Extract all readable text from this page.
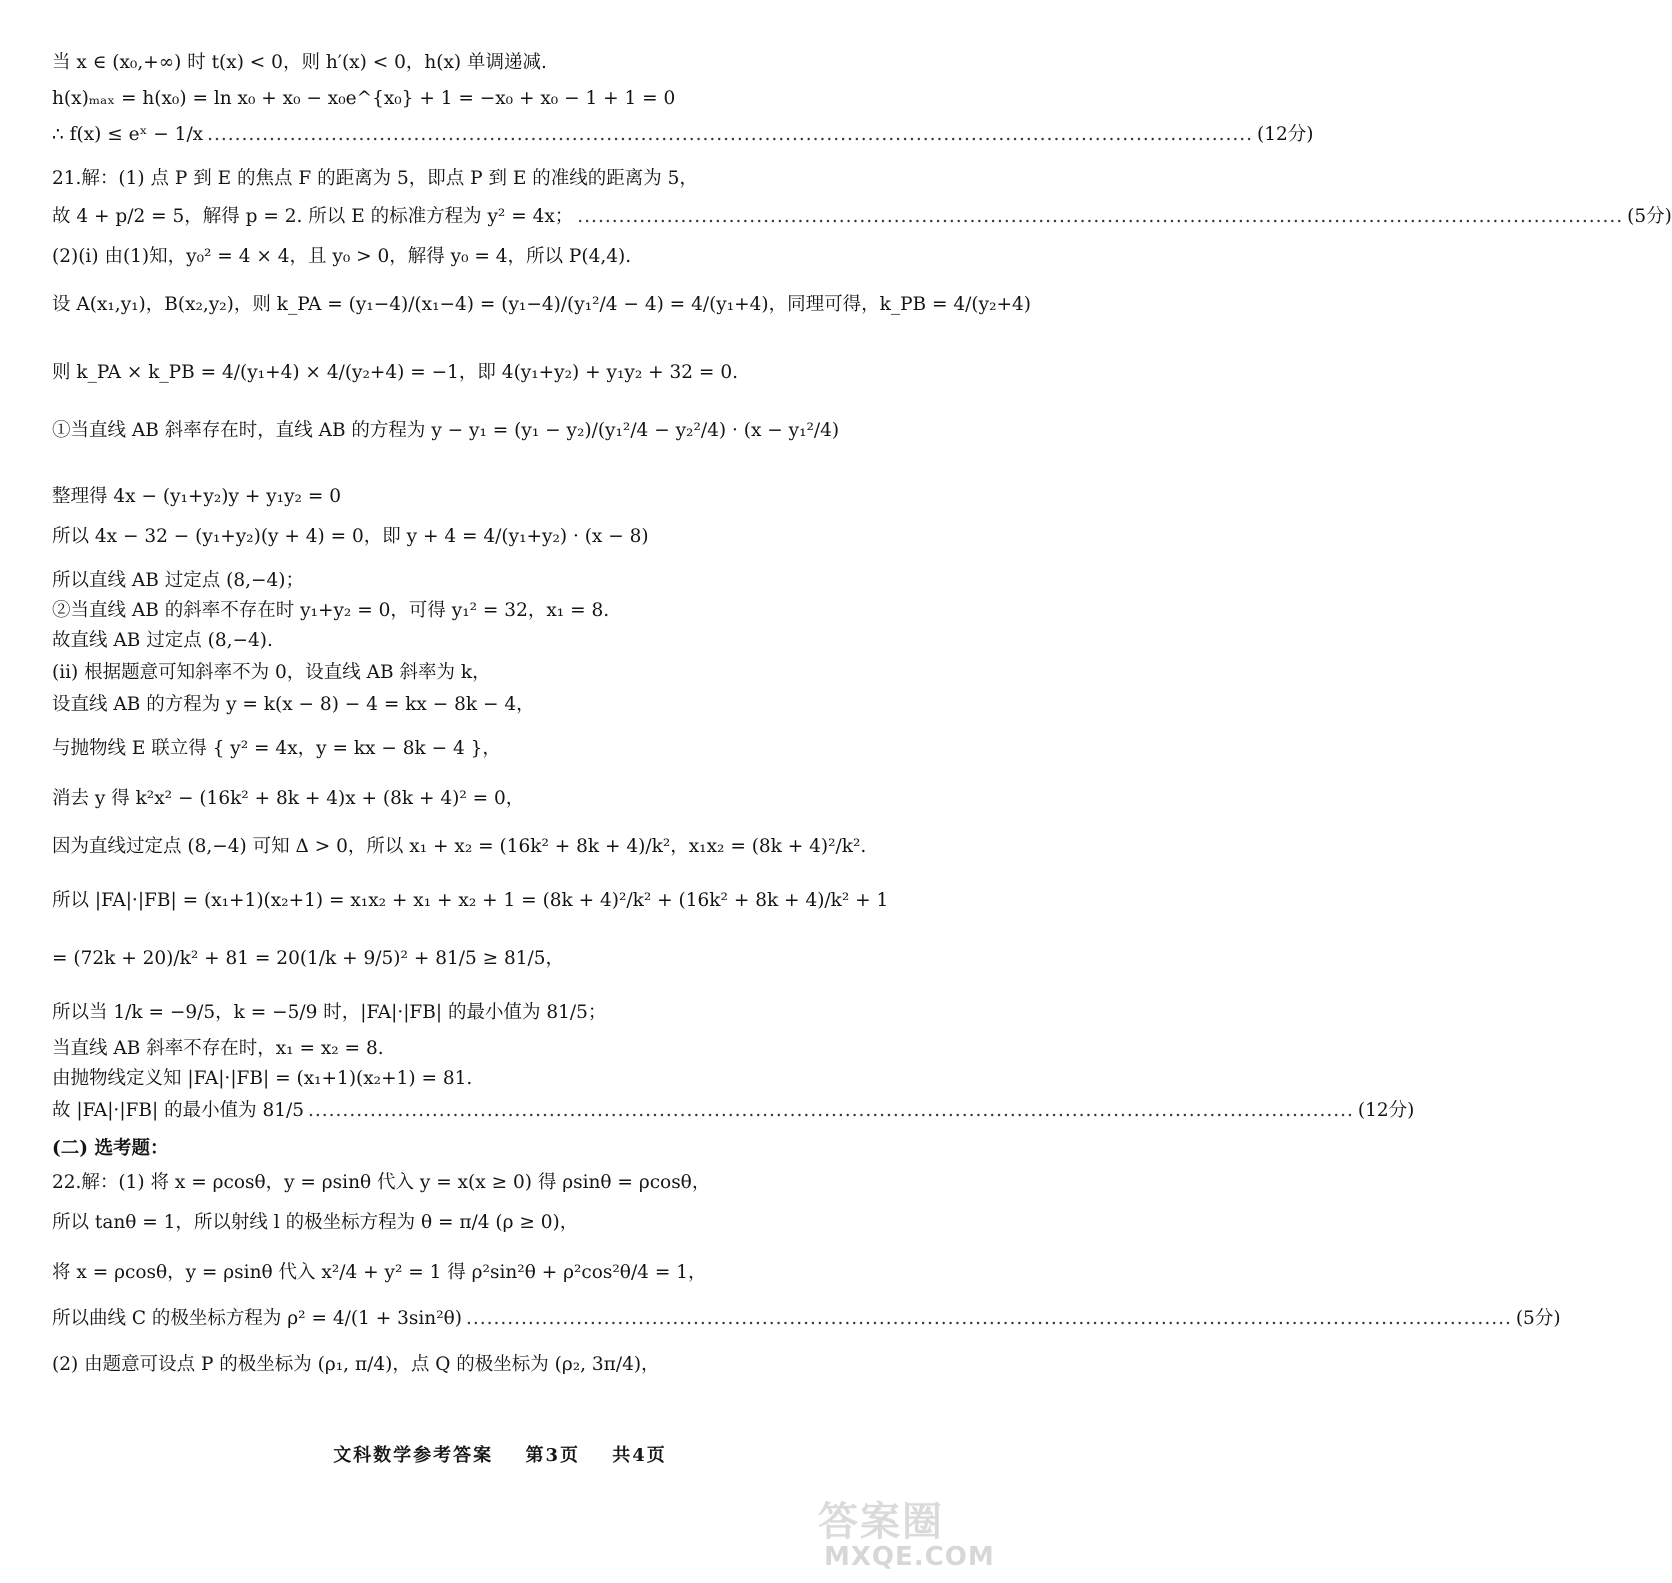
当 x ∈ (x₀,+∞) 时 t(x) < 0，则 h′(x) < 0，h(x) 单调递减.
h(x)ₘₐₓ = h(x₀) = ln x₀ + x₀ − x₀e^{x₀} + 1 = −x₀ + x₀ − 1 + 1 = 0
∴ f(x) ≤ eˣ − 1/x ........................................................................................................................................................ (12分)
21.解：(1) 点 P 到 E 的焦点 F 的距离为 5，即点 P 到 E 的准线的距离为 5，
故 4 + p/2 = 5，解得 p = 2. 所以 E 的标准方程为 y² = 4x； ........................................................................................................................................................ (5分)
(2)(i) 由(1)知，y₀² = 4 × 4，且 y₀ > 0，解得 y₀ = 4，所以 P(4,4).
设 A(x₁,y₁)，B(x₂,y₂)，则 k_PA = (y₁−4)/(x₁−4) = (y₁−4)/(y₁²/4 − 4) = 4/(y₁+4)，同理可得，k_PB = 4/(y₂+4)
则 k_PA × k_PB = 4/(y₁+4) × 4/(y₂+4) = −1，即 4(y₁+y₂) + y₁y₂ + 32 = 0.
①当直线 AB 斜率存在时，直线 AB 的方程为 y − y₁ = (y₁ − y₂)/(y₁²/4 − y₂²/4) · (x − y₁²/4)
整理得 4x − (y₁+y₂)y + y₁y₂ = 0
所以 4x − 32 − (y₁+y₂)(y + 4) = 0，即 y + 4 = 4/(y₁+y₂) · (x − 8)
所以直线 AB 过定点 (8,−4)；
②当直线 AB 的斜率不存在时 y₁+y₂ = 0，可得 y₁² = 32，x₁ = 8.
故直线 AB 过定点 (8,−4).
(ii) 根据题意可知斜率不为 0，设直线 AB 斜率为 k，
设直线 AB 的方程为 y = k(x − 8) − 4 = kx − 8k − 4，
与抛物线 E 联立得 { y² = 4x，y = kx − 8k − 4 }，
消去 y 得 k²x² − (16k² + 8k + 4)x + (8k + 4)² = 0，
因为直线过定点 (8,−4) 可知 Δ > 0，所以 x₁ + x₂ = (16k² + 8k + 4)/k²，x₁x₂ = (8k + 4)²/k².
所以 |FA|·|FB| = (x₁+1)(x₂+1) = x₁x₂ + x₁ + x₂ + 1 = (8k + 4)²/k² + (16k² + 8k + 4)/k² + 1
= (72k + 20)/k² + 81 = 20(1/k + 9/5)² + 81/5 ≥ 81/5，
所以当 1/k = −9/5，k = −5/9 时，|FA|·|FB| 的最小值为 81/5；
当直线 AB 斜率不存在时，x₁ = x₂ = 8.
由抛物线定义知 |FA|·|FB| = (x₁+1)(x₂+1) = 81.
故 |FA|·|FB| 的最小值为 81/5 ........................................................................................................................................................ (12分)
(二) 选考题：
22.解：(1) 将 x = ρcosθ，y = ρsinθ 代入 y = x(x ≥ 0) 得 ρsinθ = ρcosθ，
所以 tanθ = 1，所以射线 l 的极坐标方程为 θ = π/4 (ρ ≥ 0)，
将 x = ρcosθ，y = ρsinθ 代入 x²/4 + y² = 1 得 ρ²sin²θ + ρ²cos²θ/4 = 1，
所以曲线 C 的极坐标方程为 ρ² = 4/(1 + 3sin²θ) ........................................................................................................................................................ (5分)
(2) 由题意可设点 P 的极坐标为 (ρ₁, π/4)，点 Q 的极坐标为 (ρ₂, 3π/4)，
文科数学参考答案 第3页 共4页
答案圈
MXQE.COM
